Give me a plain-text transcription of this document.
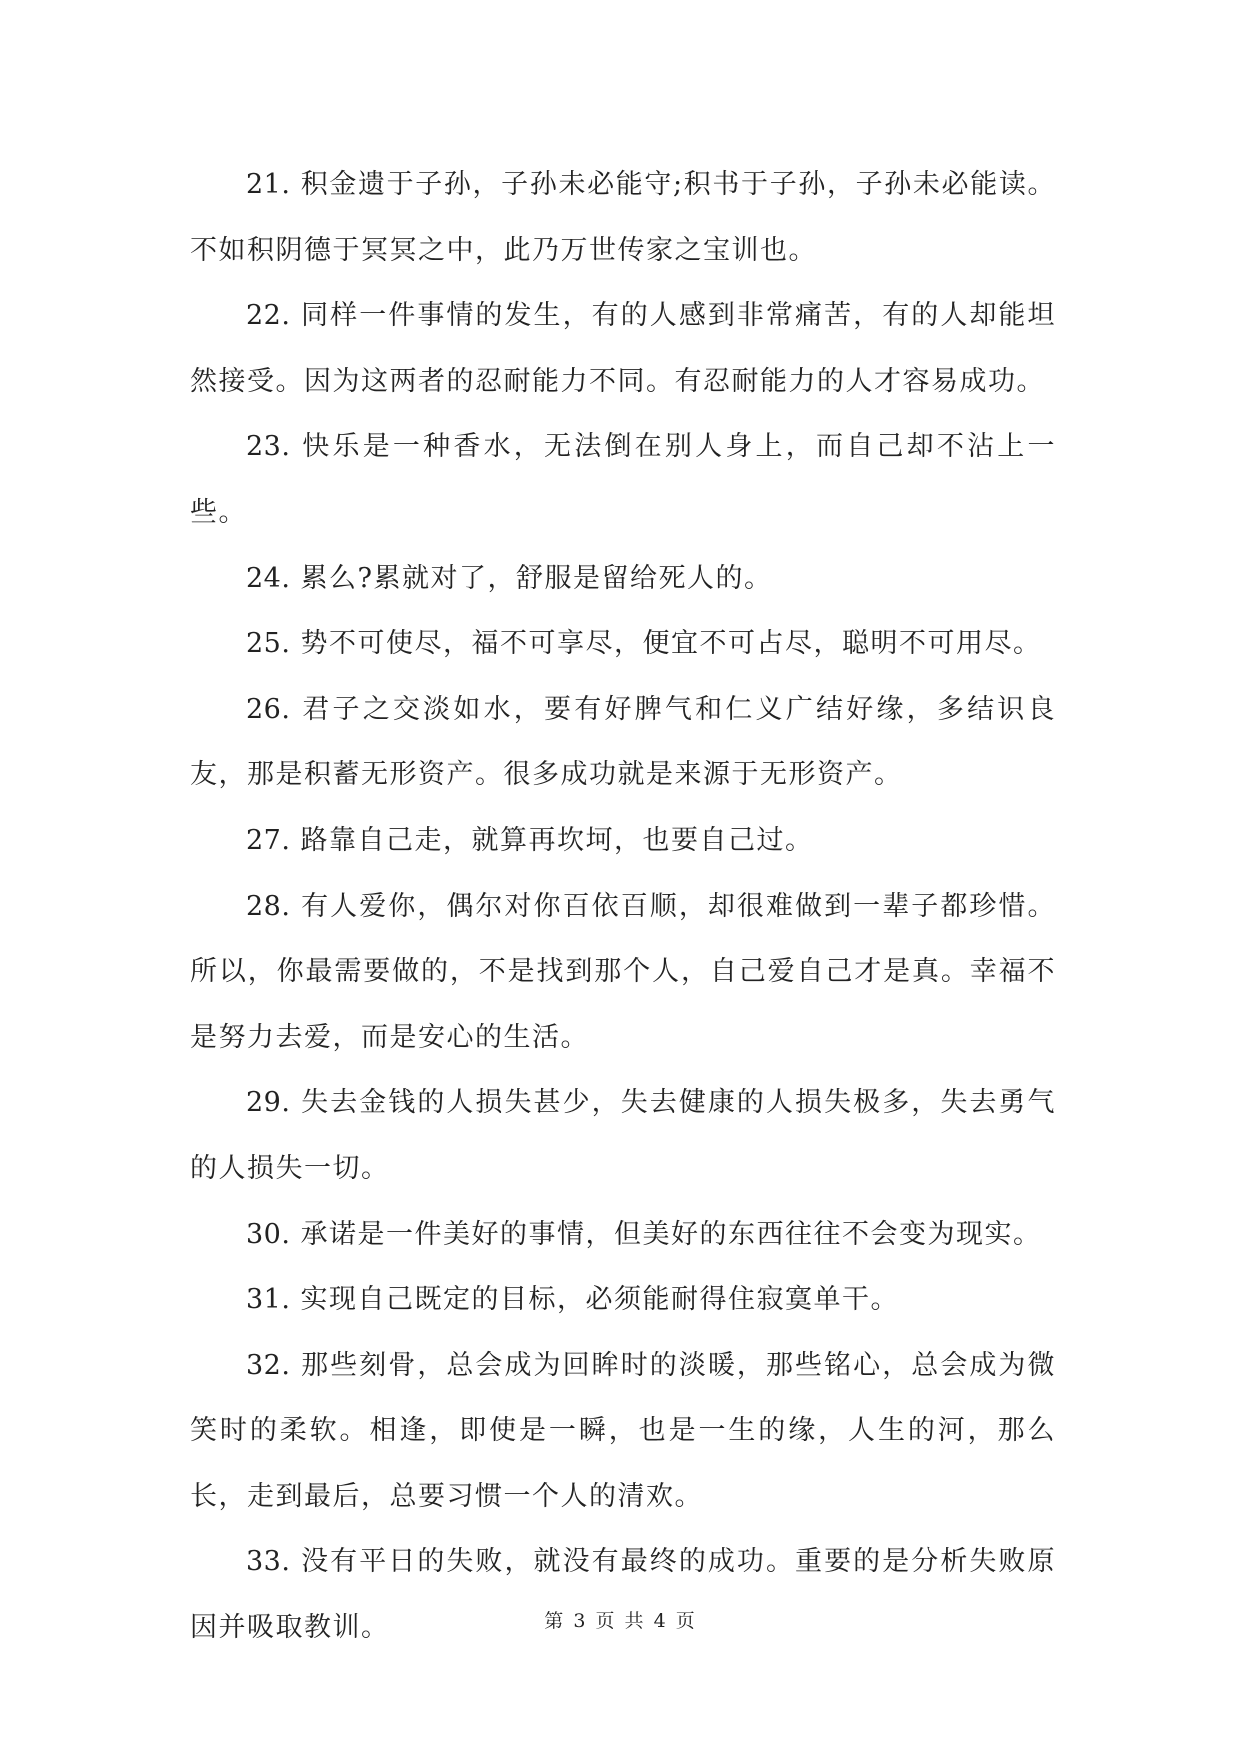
21. 积金遗于子孙，子孙未必能守;积书于子孙，子孙未必能读。不如积阴德于冥冥之中，此乃万世传家之宝训也。

22. 同样一件事情的发生，有的人感到非常痛苦，有的人却能坦然接受。因为这两者的忍耐能力不同。有忍耐能力的人才容易成功。

23. 快乐是一种香水，无法倒在别人身上，而自己却不沾上一些。

24. 累么?累就对了，舒服是留给死人的。

25. 势不可使尽，福不可享尽，便宜不可占尽，聪明不可用尽。

26. 君子之交淡如水，要有好脾气和仁义广结好缘，多结识良友，那是积蓄无形资产。很多成功就是来源于无形资产。

27. 路靠自己走，就算再坎坷，也要自己过。

28. 有人爱你，偶尔对你百依百顺，却很难做到一辈子都珍惜。所以，你最需要做的，不是找到那个人，自己爱自己才是真。幸福不是努力去爱，而是安心的生活。

29. 失去金钱的人损失甚少，失去健康的人损失极多，失去勇气的人损失一切。

30. 承诺是一件美好的事情，但美好的东西往往不会变为现实。

31. 实现自己既定的目标，必须能耐得住寂寞单干。

32. 那些刻骨，总会成为回眸时的淡暖，那些铭心，总会成为微笑时的柔软。相逢，即使是一瞬，也是一生的缘，人生的河，那么长，走到最后，总要习惯一个人的清欢。

33. 没有平日的失败，就没有最终的成功。重要的是分析失败原因并吸取教训。	第 3 页 共 4 页
